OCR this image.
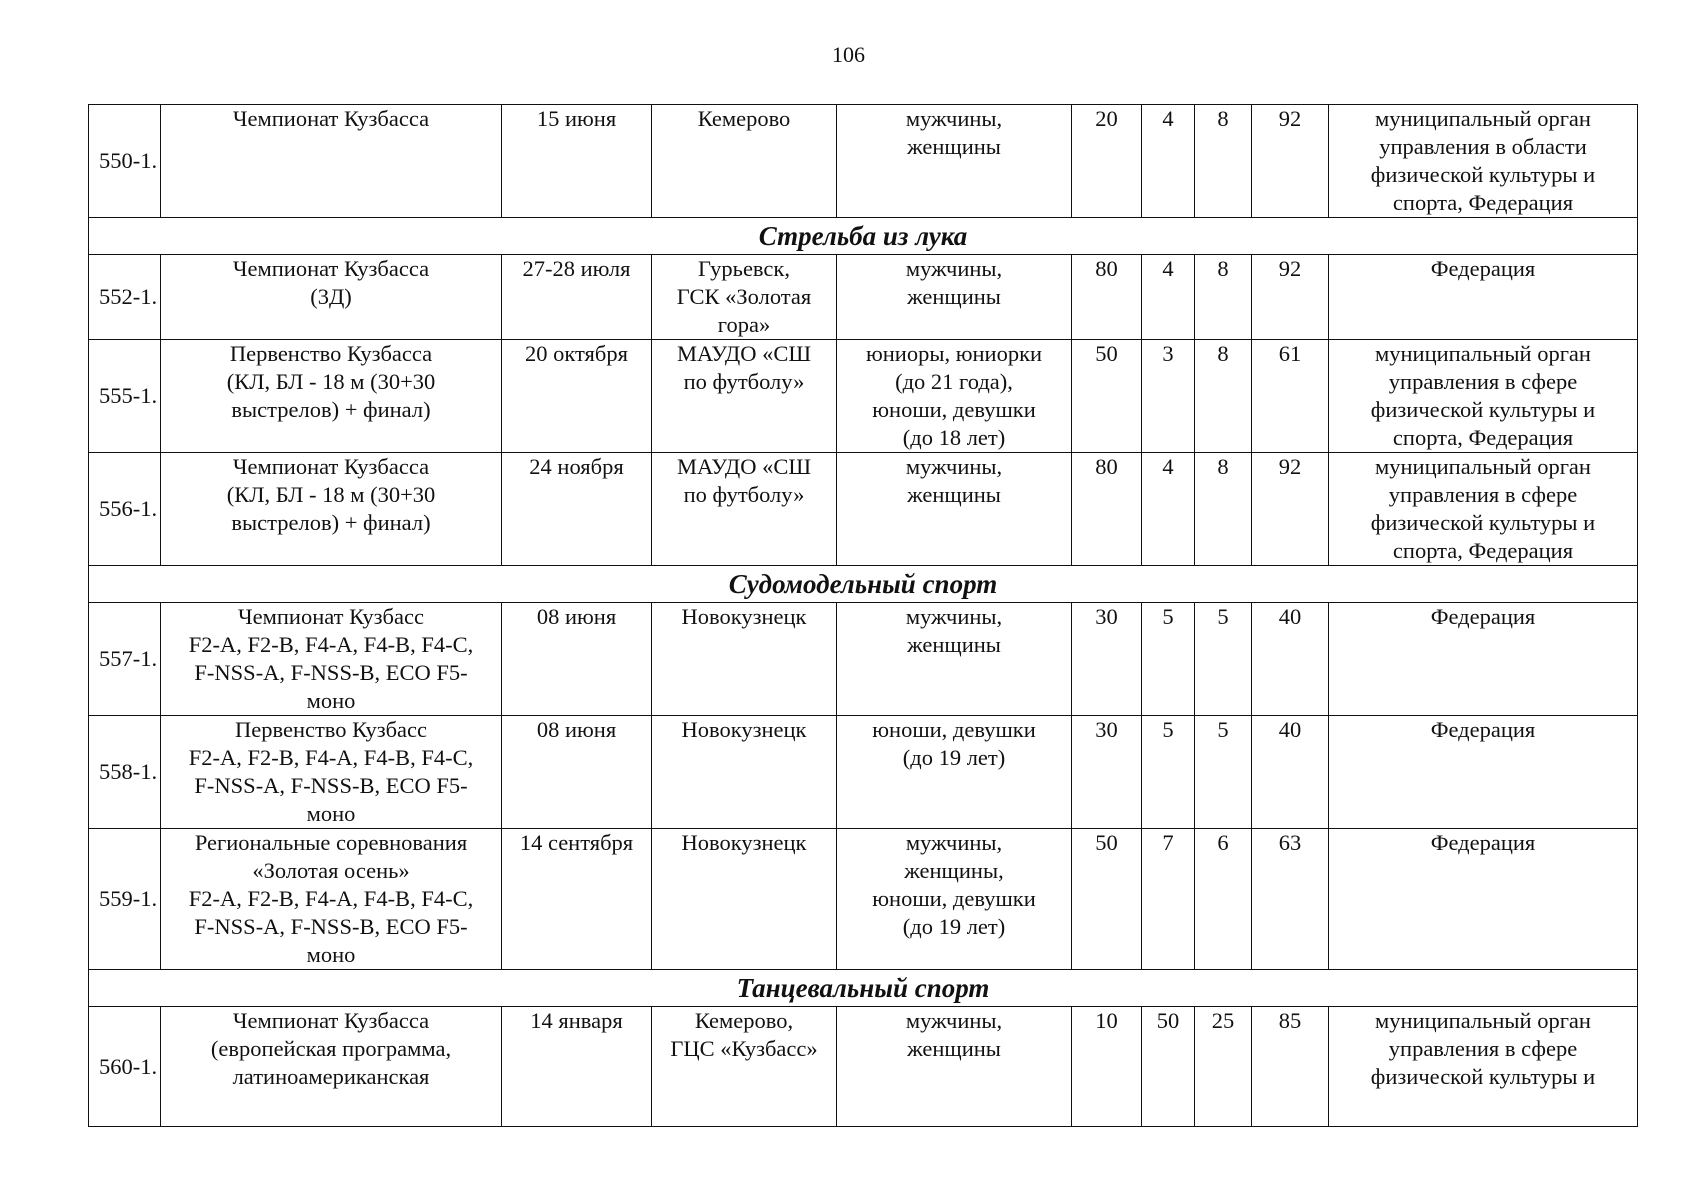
106
550-1.	Чемпионат Кузбасса	15 июня	Кемерово	мужчины,
женщины	20	4	8	92	муниципальный орган
управления в области
физической культуры и
спорта, Федерация
Стрельба из лука									
552-1.	Чемпионат Кузбасса
(3Д)	27-28 июля	Гурьевск,
ГСК «Золотая
гора»	мужчины,
женщины	80	4	8	92	Федерация
555-1.	Первенство Кузбасса
(КЛ, БЛ - 18 м (30+30
выстрелов) + финал)	20 октября	МАУДО «СШ
по футболу»	юниоры, юниорки
(до 21 года),
юноши, девушки
(до 18 лет)	50	3	8	61	муниципальный орган
управления в сфере
физической культуры и
спорта, Федерация
556-1.	Чемпионат Кузбасса
(КЛ, БЛ - 18 м (30+30
выстрелов) + финал)	24 ноября	МАУДО «СШ
по футболу»	мужчины,
женщины	80	4	8	92	муниципальный орган
управления в сфере
физической культуры и
спорта, Федерация
Судомодельный спорт									
557-1.	Чемпионат Кузбасс
F2-A, F2-B, F4-A, F4-B, F4-C,
F-NSS-A, F-NSS-B, ECO F5-
моно	08 июня	Новокузнецк	мужчины,
женщины	30	5	5	40	Федерация
558-1.	Первенство Кузбасс
F2-A, F2-B, F4-A, F4-B, F4-C,
F-NSS-A, F-NSS-B, ECO F5-
моно	08 июня	Новокузнецк	юноши, девушки
(до 19 лет)	30	5	5	40	Федерация
559-1.	Региональные соревнования
«Золотая осень»
F2-A, F2-B, F4-A, F4-B, F4-C,
F-NSS-A, F-NSS-B, ECO F5-
моно	14 сентября	Новокузнецк	мужчины,
женщины,
юноши, девушки
(до 19 лет)	50	7	6	63	Федерация
Танцевальный спорт									
560-1.	Чемпионат Кузбасса
(европейская программа,
латиноамериканская	14 января	Кемерово,
ГЦС «Кузбасс»	мужчины,
женщины	10	50	25	85	муниципальный орган
управления в сфере
физической культуры и
